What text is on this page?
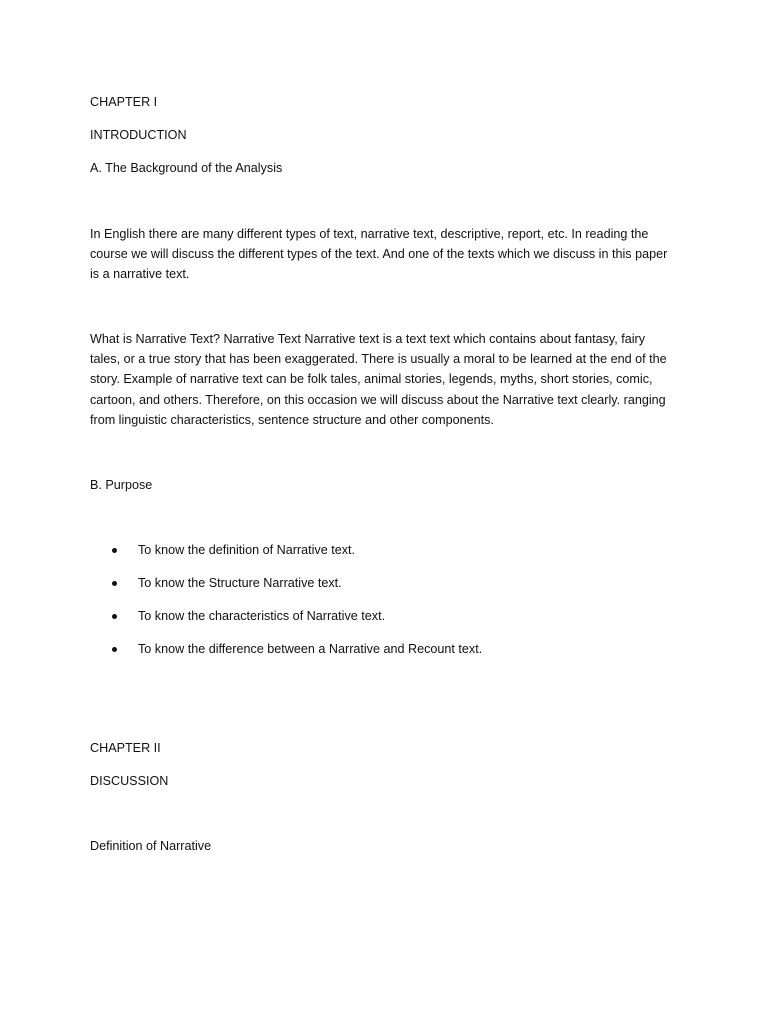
CHAPTER I

INTRODUCTION

A. The Background of the Analysis

In English there are many different types of text, narrative text, descriptive, report, etc. In reading the
course we will discuss the different types of the text. And one of the texts which we discuss in this paper
is a narrative text.
What is Narrative Text? Narrative Text Narrative text is a text text which contains about fantasy, fairy
tales, or a true story that has been exaggerated. There is usually a moral to be learned at the end of the
story. Example of narrative text can be folk tales, animal stories, legends, myths, short stories, comic,
cartoon, and others. Therefore, on this occasion we will discuss about the Narrative text clearly. ranging
from linguistic characteristics, sentence structure and other components.

B. Purpose

To know the definition of Narrative text.
To know the Structure Narrative text.
To know the characteristics of Narrative text.
To know the difference between a Narrative and Recount text.

CHAPTER II

DISCUSSION

Definition of Narrative
